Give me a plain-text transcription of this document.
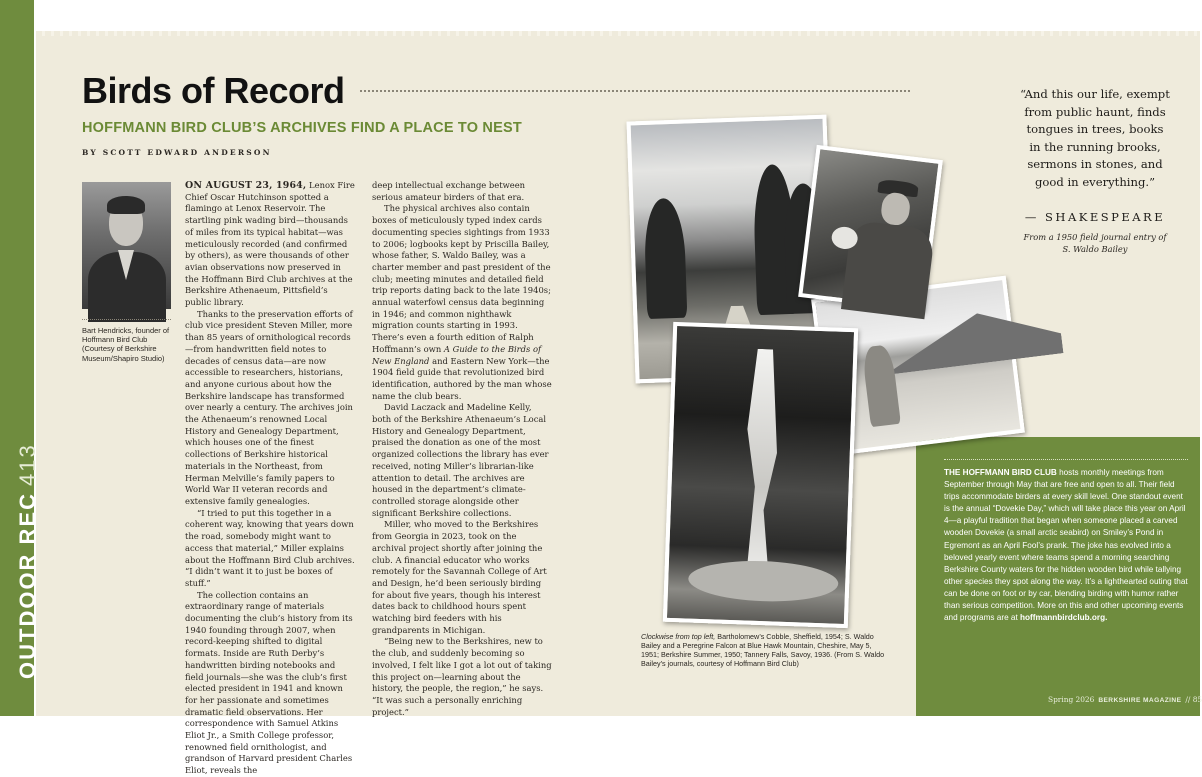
OUTDOOR REC413
Birds of Record
HOFFMANN BIRD CLUB’S ARCHIVES FIND A PLACE TO NEST
BY SCOTT EDWARD ANDERSON
Bart Hendricks, founder of Hoffmann Bird Club (Courtesy of Berkshire Museum/Shapiro Studio)

ON AUGUST 23, 1964, Lenox Fire Chief Oscar Hutchinson spotted a flamingo at Lenox Reservoir. The startling pink wading bird—thousands of miles from its typical habitat—was meticulously recorded (and confirmed by others), as were thousands of other avian observations now preserved in the Hoffmann Bird Club archives at the Berkshire Athenaeum, Pittsfield’s public library.

Thanks to the preservation efforts of club vice president Steven Miller, more than 85 years of ornithological records—from handwritten field notes to decades of census data—are now accessible to researchers, historians, and anyone curious about how the Berkshire landscape has transformed over nearly a century. The archives join the Athenaeum’s renowned Local History and Genealogy Department, which houses one of the finest collections of Berkshire historical materials in the Northeast, from Herman Melville’s family papers to World War II veteran records and extensive family genealogies.

“I tried to put this together in a coherent way, knowing that years down the road, somebody might want to access that material,” Miller explains about the Hoffmann Bird Club archives. “I didn’t want it to just be boxes of stuff.”

The collection contains an extraordinary range of materials documenting the club’s history from its 1940 founding through 2007, when record-keeping shifted to digital formats. Inside are Ruth Derby’s handwritten birding notebooks and field journals—she was the club’s first elected president in 1941 and known for her passionate and sometimes dramatic field observations. Her correspondence with Samuel Atkins Eliot Jr., a Smith College professor, renowned field ornithologist, and grandson of Harvard president Charles Eliot, reveals the

deep intellectual exchange between serious amateur birders of that era.

The physical archives also contain boxes of meticulously typed index cards documenting species sightings from 1933 to 2006; logbooks kept by Priscilla Bailey, whose father, S. Waldo Bailey, was a charter member and past president of the club; meeting minutes and detailed field trip reports dating back to the late 1940s; annual waterfowl census data beginning in 1946; and common nighthawk migration counts starting in 1993. There’s even a fourth edition of Ralph Hoffmann’s own A Guide to the Birds of New England and Eastern New York—the 1904 field guide that revolutionized bird identification, authored by the man whose name the club bears.

David Laczack and Madeline Kelly, both of the Berkshire Athenaeum’s Local History and Genealogy Department, praised the donation as one of the most organized collections the library has ever received, noting Miller’s librarian-like attention to detail. The archives are housed in the department’s climate-controlled storage alongside other significant Berkshire collections.

Miller, who moved to the Berkshires from Georgia in 2023, took on the archival project shortly after joining the club. A financial educator who works remotely for the Savannah College of Art and Design, he’d been seriously birding for about five years, though his interest dates back to childhood hours spent watching bird feeders with his grandparents in Michigan.

“Being new to the Berkshires, new to the club, and suddenly becoming so involved, I felt like I got a lot out of taking this project on—learning about the history, the people, the region,” he says. “It was such a personally enriching project.”

Clockwise from top left, Bartholomew’s Cobble, Sheffield, 1954; S. Waldo Bailey and a Peregrine Falcon at Blue Hawk Mountain, Cheshire, May 5, 1951; Berkshire Summer, 1950; Tannery Falls, Savoy, 1936. (From S. Waldo Bailey’s journals, courtesy of Hoffmann Bird Club)
“And this our life, exempt from public haunt, finds tongues in trees, books in the running brooks, sermons in stones, and good in everything.”
— SHAKESPEARE
From a 1950 field journal entry of S. Waldo Bailey
THE HOFFMANN BIRD CLUB hosts monthly meetings from September through May that are free and open to all. Their field trips accommodate birders at every skill level. One standout event is the annual “Dovekie Day,” which will take place this year on April 4—a playful tradition that began when someone placed a carved wooden Dovekie (a small arctic seabird) on Smiley’s Pond in Egremont as an April Fool’s prank. The joke has evolved into a beloved yearly event where teams spend a morning searching Berkshire County waters for the hidden wooden bird while tallying other species they spot along the way. It’s a lighthearted outing that can be done on foot or by car, blending birding with humor rather than serious competition. More on this and other upcoming events and programs are at hoffmannbirdclub.org.
Spring 2026 BERKSHIRE MAGAZINE // 85
